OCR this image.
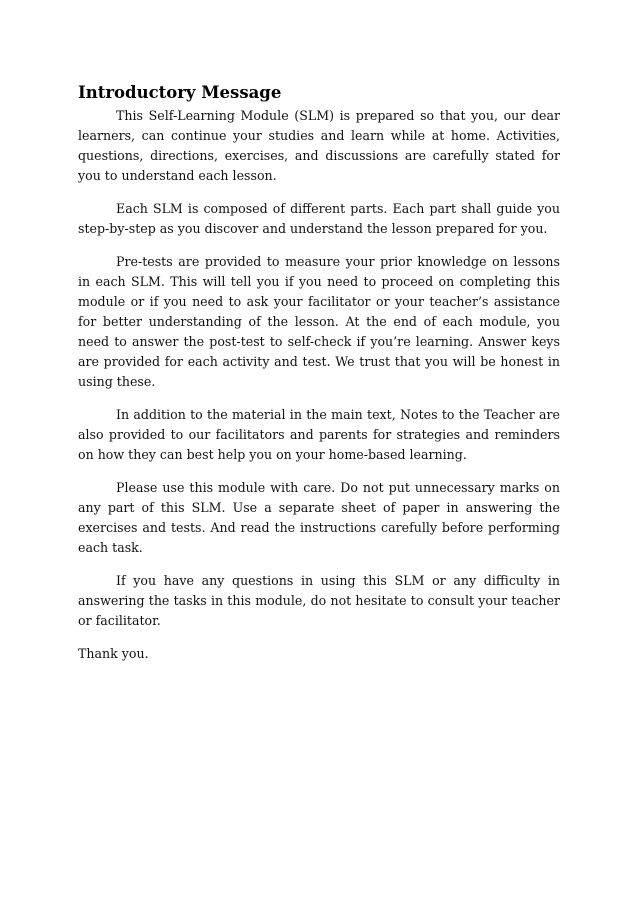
Introductory Message

This Self-Learning Module (SLM) is prepared so that you, our dear learners, can continue your studies and learn while at home. Activities, questions, directions, exercises, and discussions are carefully stated for you to understand each lesson.

Each SLM is composed of different parts. Each part shall guide you step-by-step as you discover and understand the lesson prepared for you.

Pre-tests are provided to measure your prior knowledge on lessons in each SLM. This will tell you if you need to proceed on completing this module or if you need to ask your facilitator or your teacher’s assistance for better understanding of the lesson. At the end of each module, you need to answer the post-test to self-check if you’re learning. Answer keys are provided for each activity and test. We trust that you will be honest in using these.

In addition to the material in the main text, Notes to the Teacher are also provided to our facilitators and parents for strategies and reminders on how they can best help you on your home-based learning.

Please use this module with care. Do not put unnecessary marks on any part of this SLM. Use a separate sheet of paper in answering the exercises and tests. And read the instructions carefully before performing each task.

If you have any questions in using this SLM or any difficulty in answering the tasks in this module, do not hesitate to consult your teacher or facilitator.

Thank you.
